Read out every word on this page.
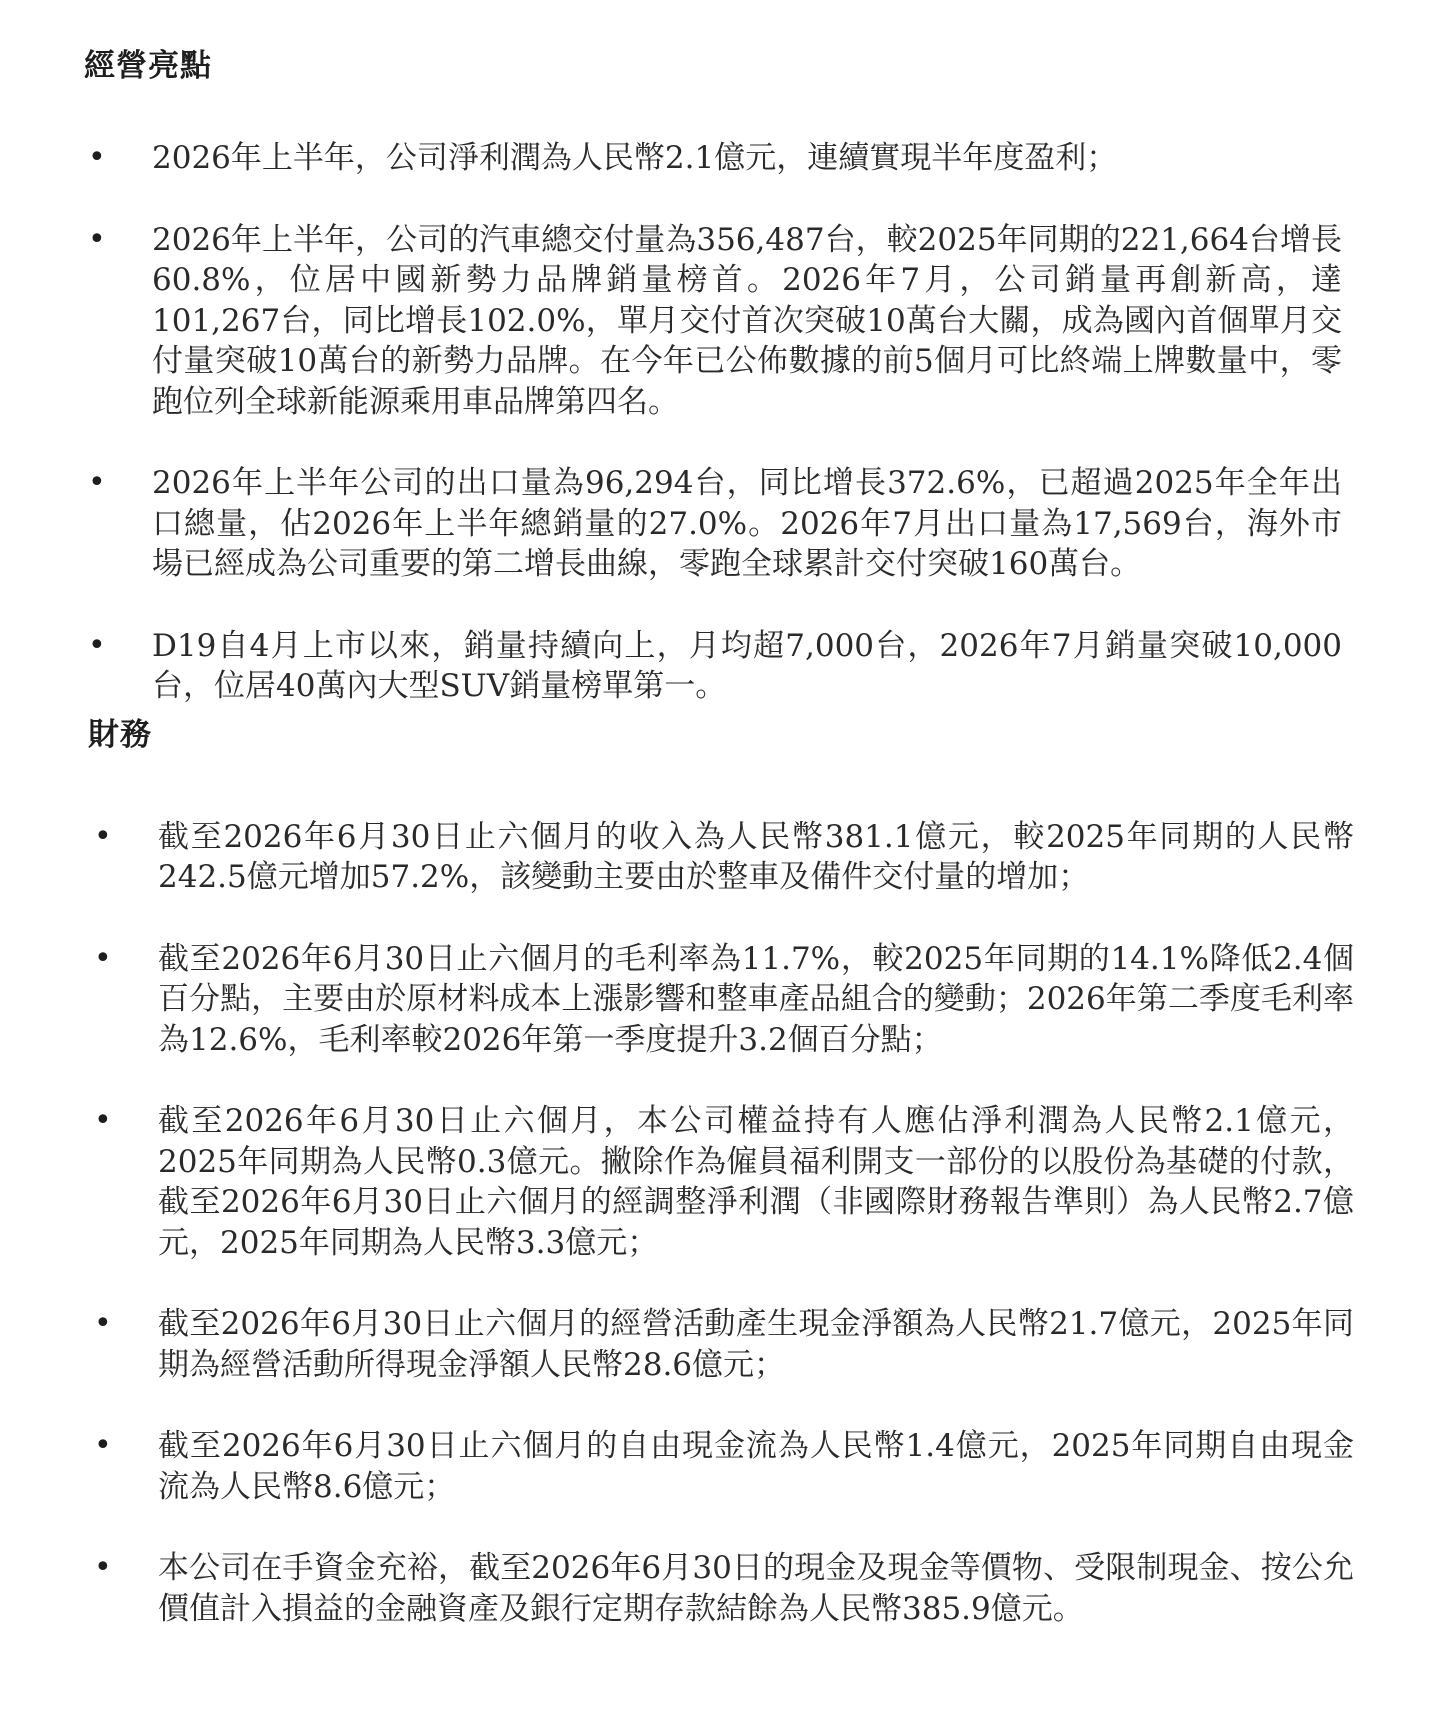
經營亮點
• 2026年上半年，公司淨利潤為人民幣2.1億元，連續實現半年度盈利；
• 2026年上半年，公司的汽車總交付量為356,487台，較2025年同期的221,664台增長60.8%，位居中國新勢力品牌銷量榜首。2026年7月，公司銷量再創新高，達101,267台，同比增長102.0%，單月交付首次突破10萬台大關，成為國內首個單月交付量突破10萬台的新勢力品牌。在今年已公佈數據的前5個月可比終端上牌數量中，零跑位列全球新能源乘用車品牌第四名。
• 2026年上半年公司的出口量為96,294台，同比增長372.6%，已超過2025年全年出口總量，佔2026年上半年總銷量的27.0%。2026年7月出口量為17,569台，海外市場已經成為公司重要的第二增長曲線，零跑全球累計交付突破160萬台。
• D19自4月上市以來，銷量持續向上，月均超7,000台，2026年7月銷量突破10,000台，位居40萬內大型SUV銷量榜單第一。
財務
• 截至2026年6月30日止六個月的收入為人民幣381.1億元，較2025年同期的人民幣242.5億元增加57.2%，該變動主要由於整車及備件交付量的增加；
• 截至2026年6月30日止六個月的毛利率為11.7%，較2025年同期的14.1%降低2.4個百分點，主要由於原材料成本上漲影響和整車產品組合的變動；2026年第二季度毛利率為12.6%，毛利率較2026年第一季度提升3.2個百分點；
• 截至2026年6月30日止六個月，本公司權益持有人應佔淨利潤為人民幣2.1億元，2025年同期為人民幣0.3億元。撇除作為僱員福利開支一部份的以股份為基礎的付款，截至2026年6月30日止六個月的經調整淨利潤（非國際財務報告準則）為人民幣2.7億元，2025年同期為人民幣3.3億元；
• 截至2026年6月30日止六個月的經營活動產生現金淨額為人民幣21.7億元，2025年同期為經營活動所得現金淨額人民幣28.6億元；
• 截至2026年6月30日止六個月的自由現金流為人民幣1.4億元，2025年同期自由現金流為人民幣8.6億元；
• 本公司在手資金充裕，截至2026年6月30日的現金及現金等價物、受限制現金、按公允價值計入損益的金融資產及銀行定期存款結餘為人民幣385.9億元。
